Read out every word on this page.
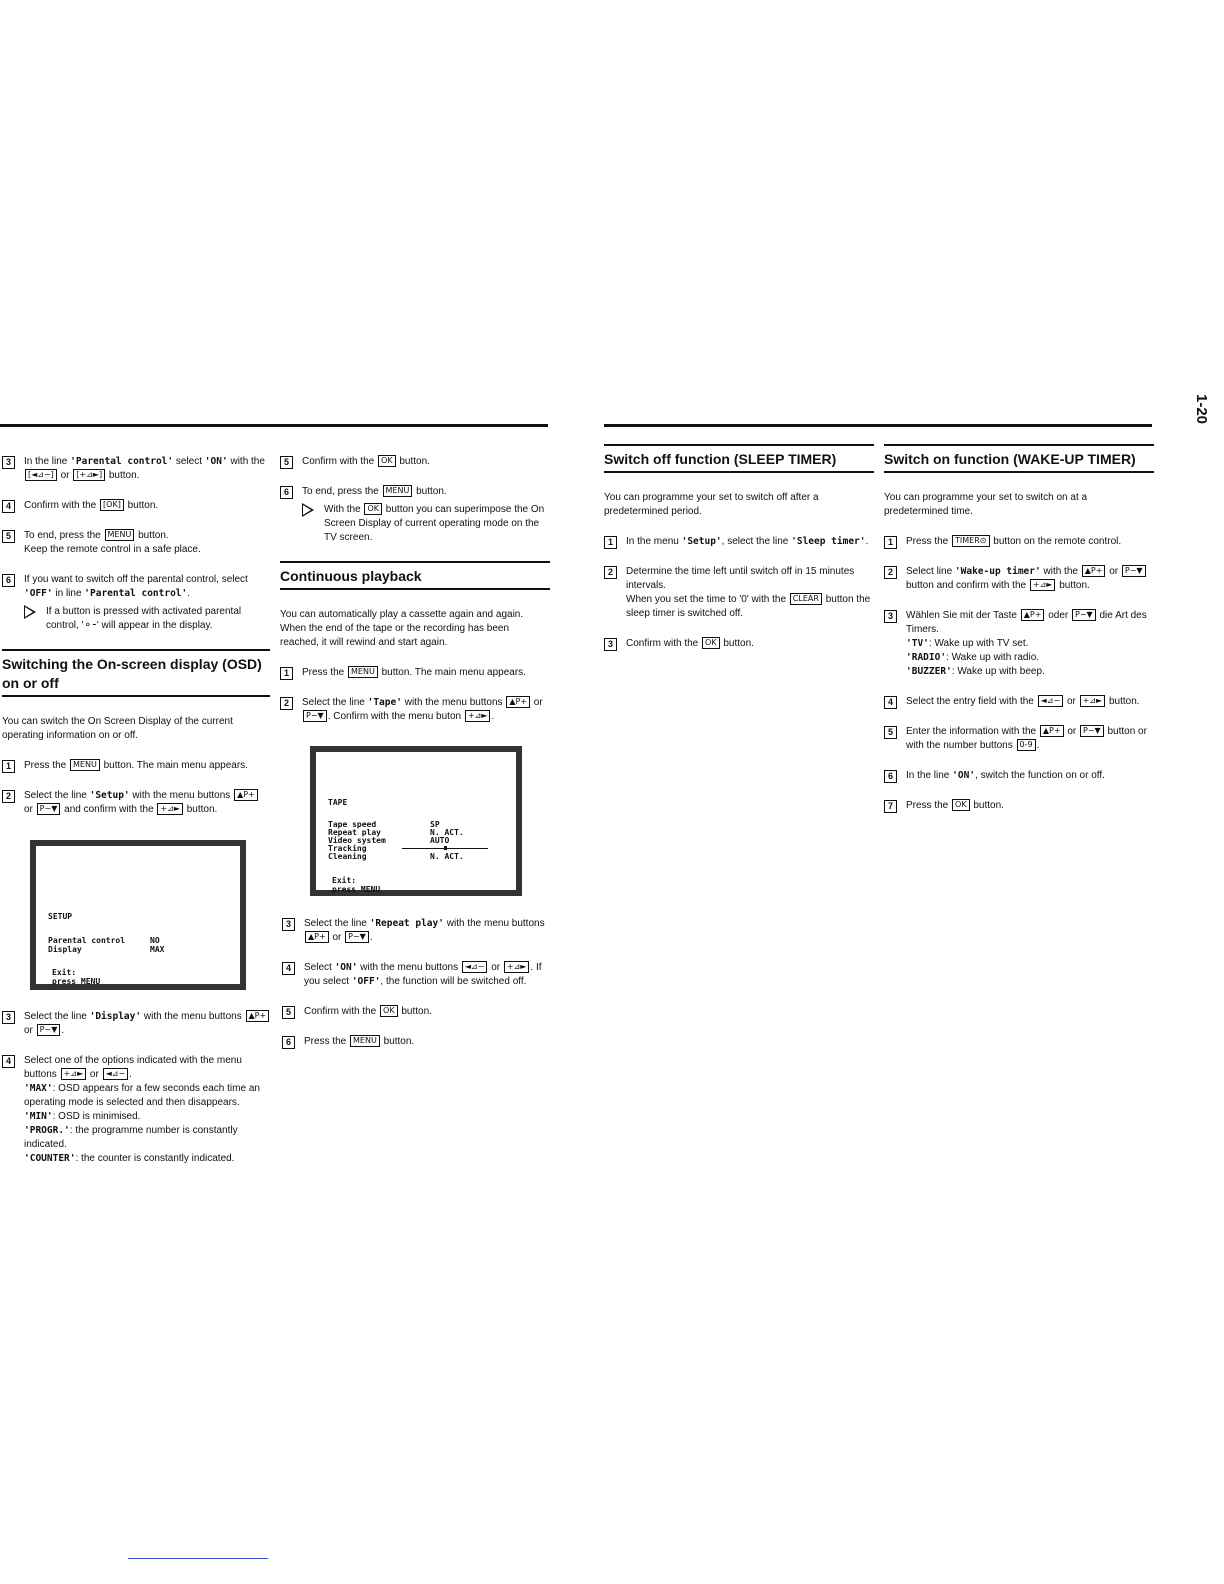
1-20
3	In the line 'Parental control' select 'ON' with the [◄⊿−] or [+⊿►] button.
4	Confirm with the [OK] button.
5	To end, press the MENU button.
Keep the remote control in a safe place.
6	If you want to switch off the parental control, select 'OFF' in line 'Parental control'.
If a button is pressed with activated parental control, '⚬⁃' will appear in the display.
Switching the On-screen display (OSD) on or off
You can switch the On Screen Display of the current operating information on or off.
1	Press the MENU button. The main menu appears.
2	Select the line 'Setup' with the menu buttons ▲P+ or P−▼ and confirm with the +⊿► button.
SETUP
Parental control	NO
Display	MAX
Exit:
press MENU
3	Select the line 'Display' with the menu buttons ▲P+ or P−▼ .
4	Select one of the options indicated with the menu buttons +⊿► or ◄⊿− .
'MAX': OSD appears for a few seconds each time an operating mode is selected and then disappears.
'MIN': OSD is minimised.
'PROGR.': the programme number is constantly indicated.
'COUNTER': the counter is constantly indicated.
5	Confirm with the OK button.
6	To end, press the MENU button.
With the OK button you can superimpose the On Screen Display of current operating mode on the TV screen.
Continuous playback
You can automatically play a cassette again and again. When the end of the tape or the recording has been reached, it will rewind and start again.
1	Press the MENU button. The main menu appears.
2	Select the line 'Tape' with the menu buttons ▲P+ or P−▼ . Confirm with the menu buton +⊿► .
TAPE
Tape speed	SP
Repeat play	N. ACT.
Video system	AUTO
Tracking
Cleaning	N. ACT.
Exit:
press MENU
3	Select the line 'Repeat play' with the menu buttons ▲P+ or P−▼ .
4	Select 'ON' with the menu buttons ◄⊿− or +⊿► . If you select 'OFF', the function will be switched off.
5	Confirm with the OK button.
6	Press the MENU button.
Switch off function (SLEEP TIMER)
You can programme your set to switch off after a predetermined period.
1	In the menu 'Setup', select the line 'Sleep timer'.
2	Determine the time left until switch off in 15 minutes intervals.
When you set the time to '0' with the CLEAR button the sleep timer is switched off.
3	Confirm with the OK button.
Switch on function (WAKE-UP TIMER)
You can programme your set to switch on at a predetermined time.
1	Press the TIMER⊙ button on the remote control.
2	Select line 'Wake-up timer' with the ▲P+ or P−▼ button and confirm with the +⊿► button.
3	Wählen Sie mit der Taste ▲P+ oder P−▼ die Art des Timers.
'TV': Wake up with TV set.
'RADIO': Wake up with radio.
'BUZZER': Wake up with beep.
4	Select the entry field with the ◄⊿− or +⊿► button.
5	Enter the information with the ▲P+ or P−▼ button or with the number buttons 0-9 .
6	In the line 'ON', switch the function on or off.
7	Press the OK button.
